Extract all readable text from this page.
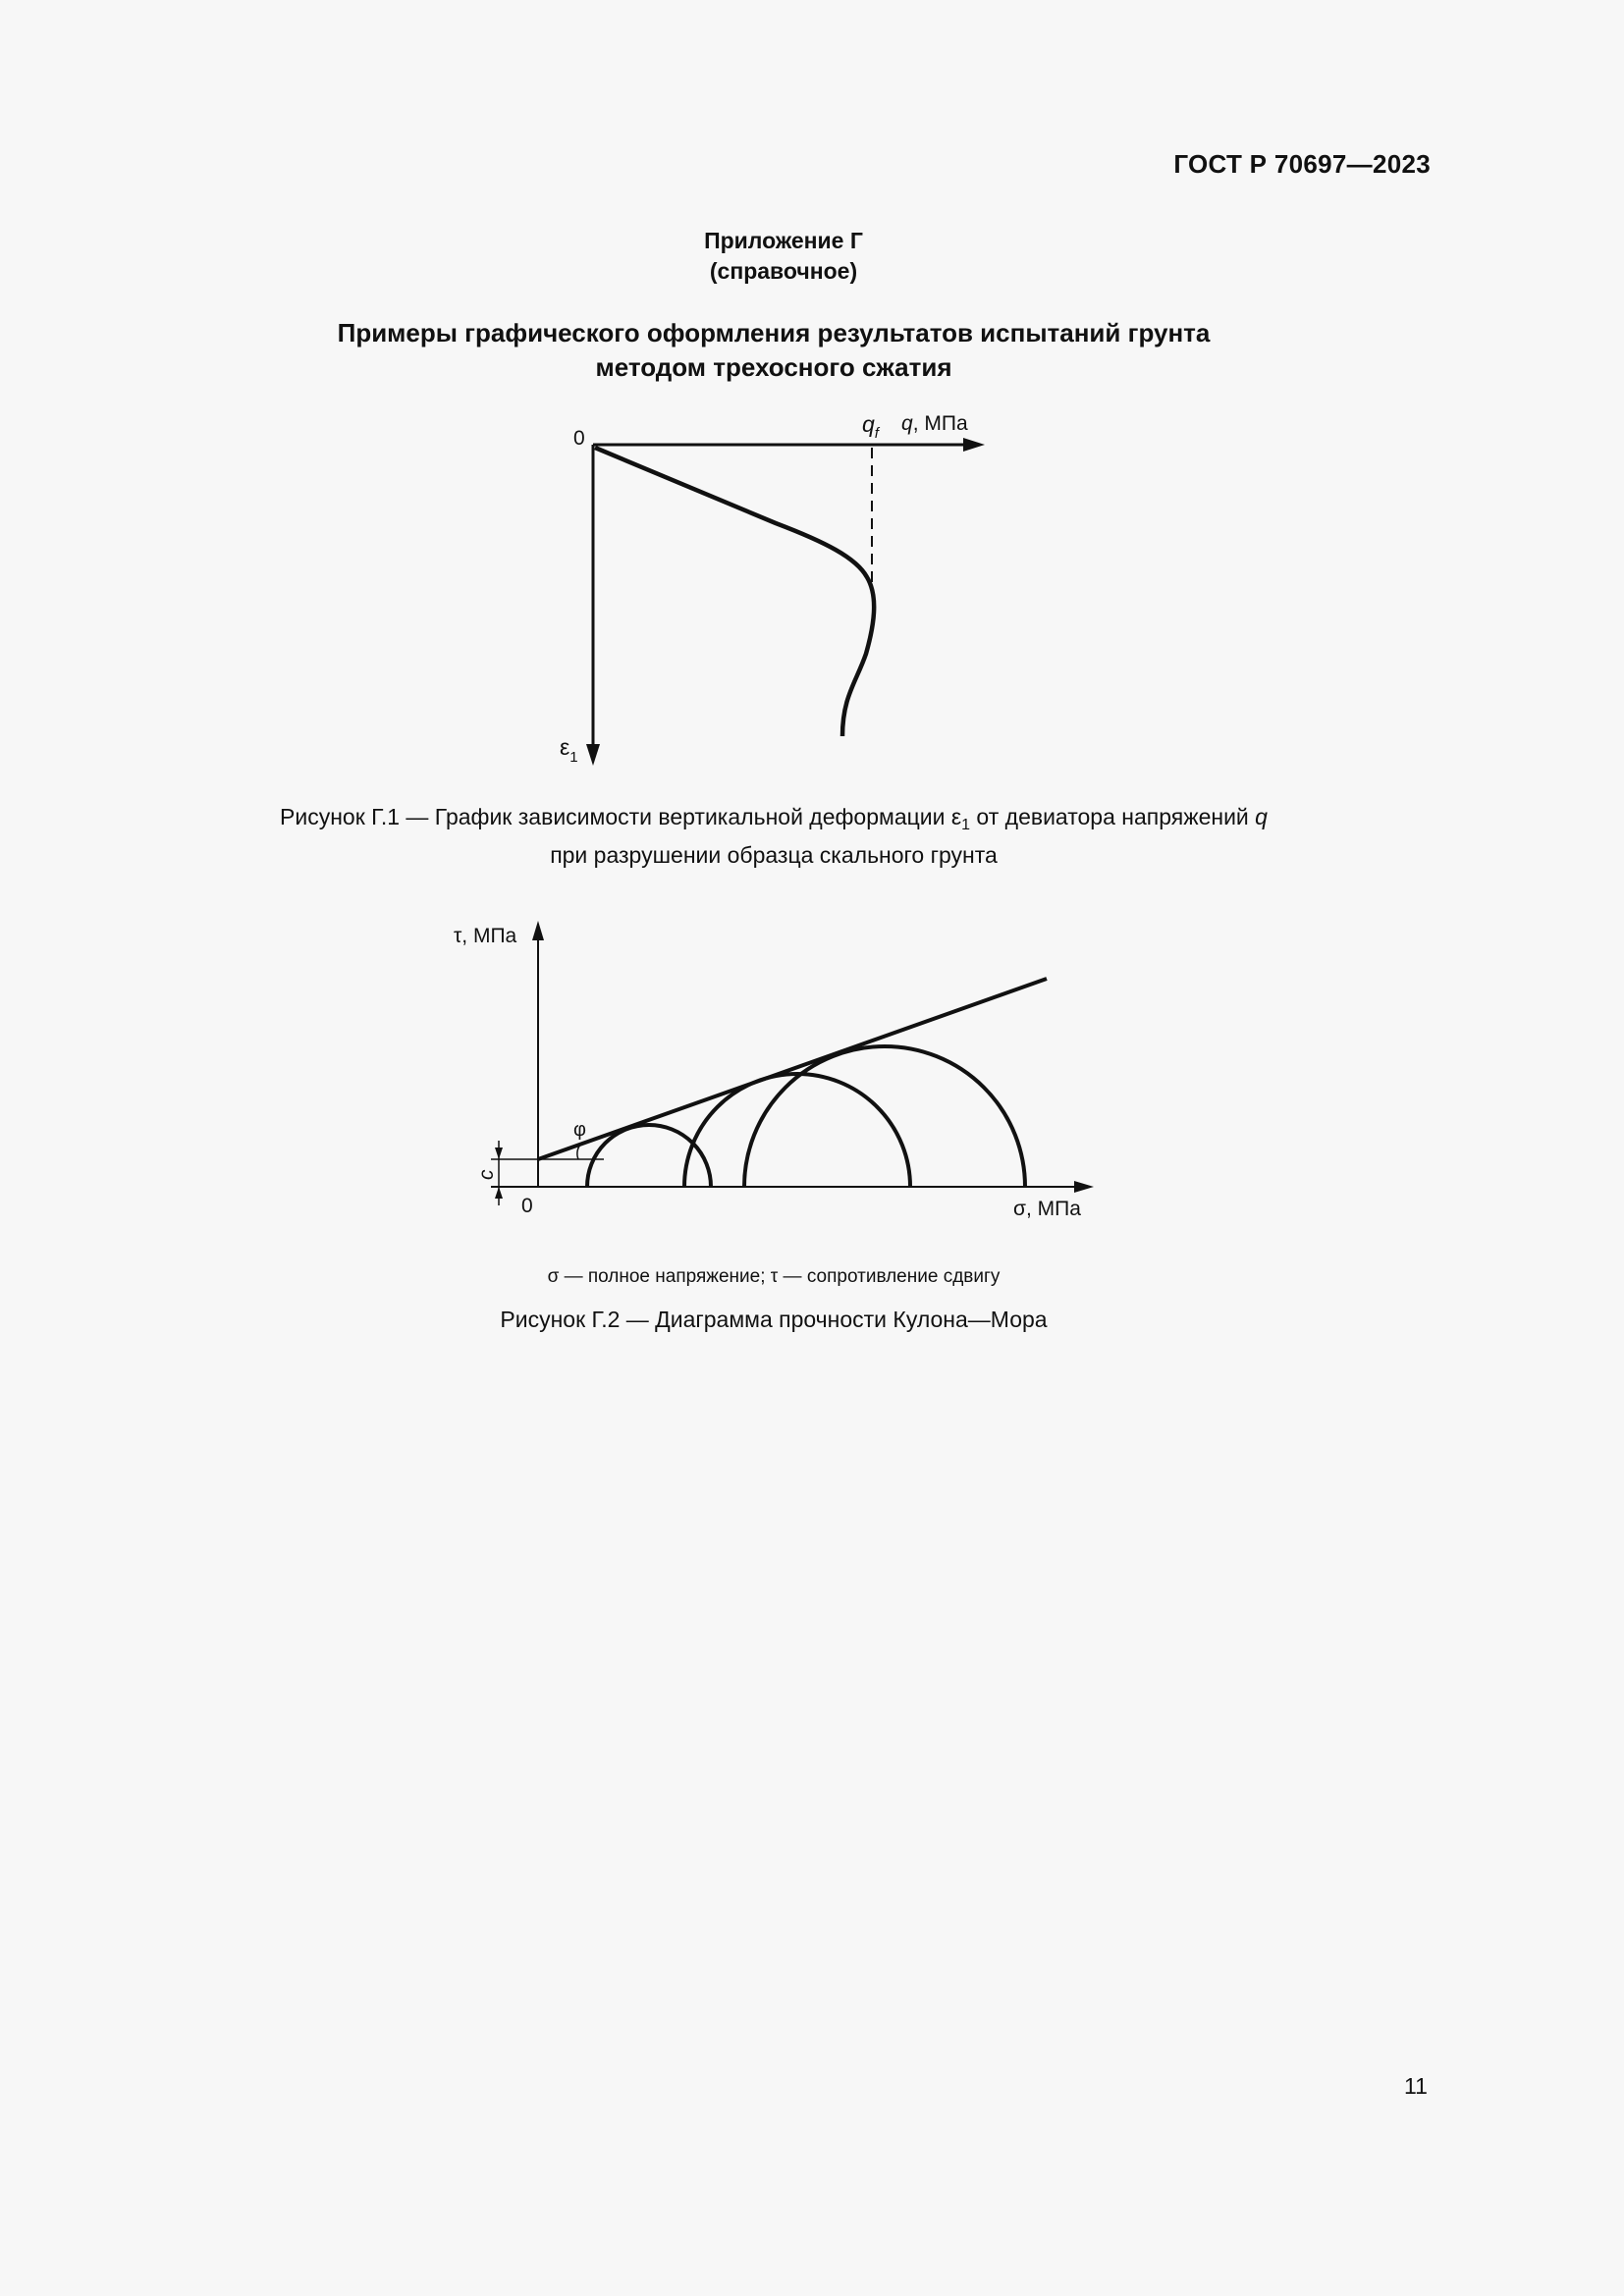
ГОСТ Р 70697—2023
Приложение Г
(справочное)
Примеры графического оформления результатов испытаний грунта
методом трехосного сжатия
0
$q_f$ q, МПа
$\varepsilon_1$
τ, МПа
σ, МПа
0
φ
c
Рисунок Г.1 — График зависимости вертикальной деформации $\varepsilon_1$ от девиатора напряжений q
при разрушении образца скального грунта
σ — полное напряжение; τ — сопротивление сдвигу
Рисунок Г.2 — Диаграмма прочности Кулона—Мора
11
